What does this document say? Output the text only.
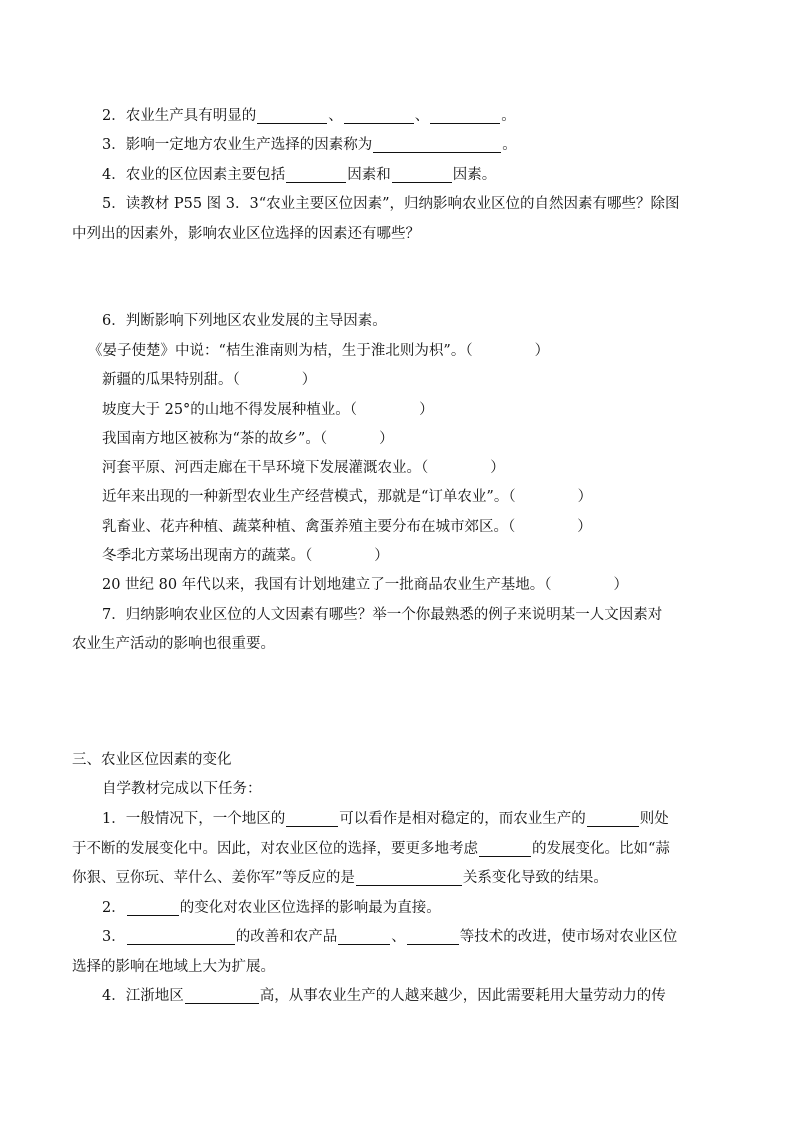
2．农业生产具有明显的	、	、	。
3．影响一定地方农业生产选择的因素称为	。
4．农业的区位因素主要包括	因素和	因素。
5．读教材 P55 图 3．3“农业主要区位因素”，归纳影响农业区位的自然因素有哪些？除图
中列出的因素外，影响农业区位选择的因素还有哪些？
6．判断影响下列地区农业发展的主导因素。
《晏子使楚》中说：“桔生淮南则为桔，生于淮北则为枳”。（	）
新疆的瓜果特别甜。（	）
坡度大于 25°的山地不得发展种植业。（	）
我国南方地区被称为“茶的故乡”。（	）
河套平原、河西走廊在干旱环境下发展灌溉农业。（	）
近年来出现的一种新型农业生产经营模式，那就是“订单农业”。（	）
乳畜业、花卉种植、蔬菜种植、禽蛋养殖主要分布在城市郊区。（	）
冬季北方菜场出现南方的蔬菜。（	）
20 世纪 80 年代以来，我国有计划地建立了一批商品农业生产基地。（	）
7．归纳影响农业区位的人文因素有哪些？举一个你最熟悉的例子来说明某一人文因素对
农业生产活动的影响也很重要。
三、农业区位因素的变化
自学教材完成以下任务：
1．一般情况下，一个地区的	可以看作是相对稳定的，而农业生产的	则处
于不断的发展变化中。因此，对农业区位的选择，要更多地考虑	的发展变化。比如“蒜
你狠、豆你玩、苹什么、姜你军”等反应的是	关系变化导致的结果。
2．	的变化对农业区位选择的影响最为直接。
3．	的改善和农产品	、	等技术的改进，使市场对农业区位
选择的影响在地域上大为扩展。
4．江浙地区	高，从事农业生产的人越来越少，因此需要耗用大量劳动力的传
